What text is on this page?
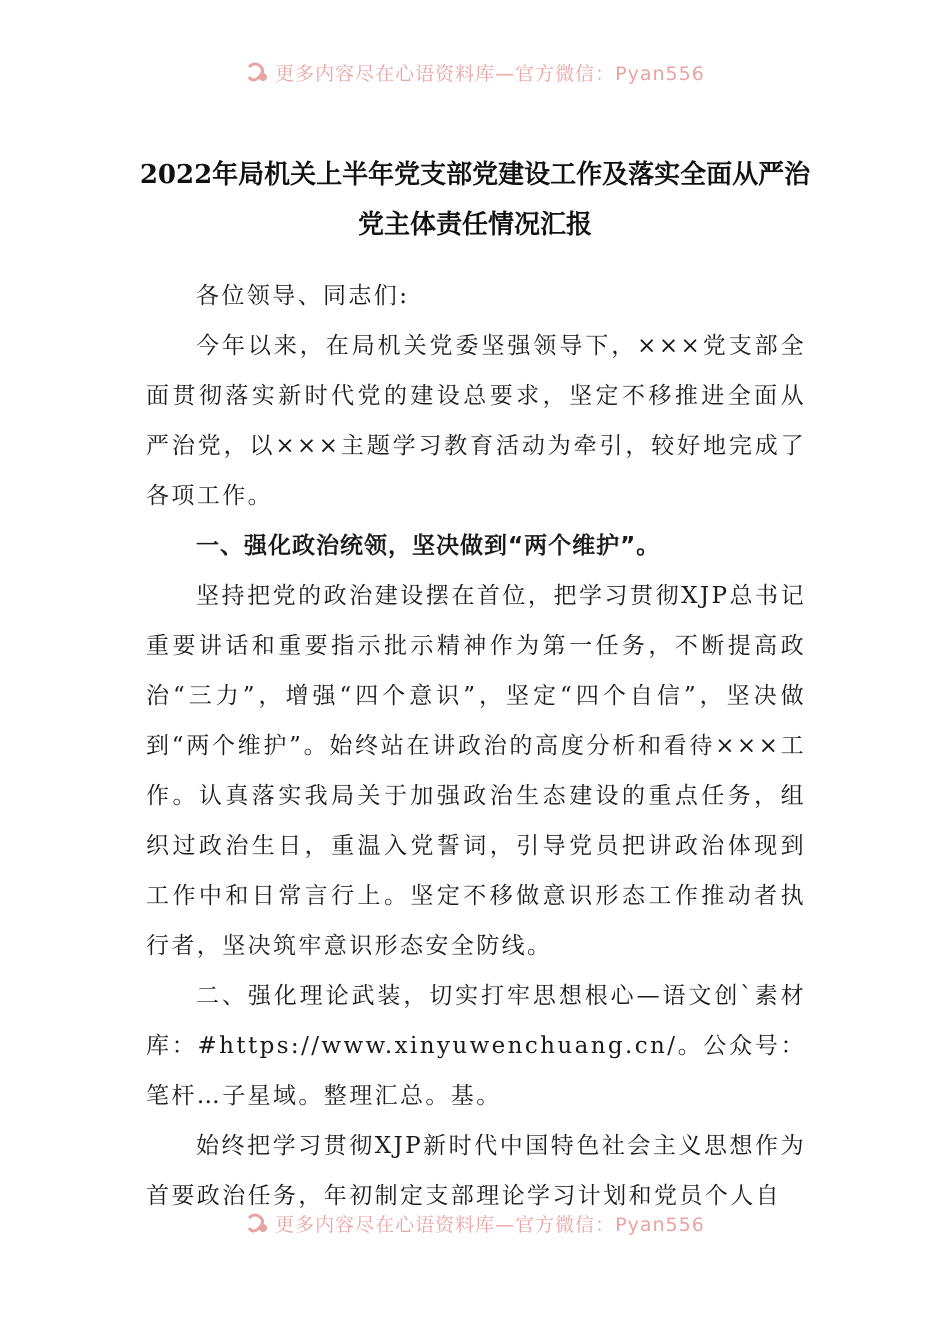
更多内容尽在心语资料库—官方微信：Pyan556
2022年局机关上半年党支部党建设工作及落实全面从严治
党主体责任情况汇报

各位领导、同志们:

今年以来，在局机关党委坚强领导下，×××党支部全面贯彻落实新时代党的建设总要求，坚定不移推进全面从严治党，以×××主题学习教育活动为牵引，较好地完成了各项工作。

一、强化政治统领，坚决做到“两个维护”。

坚持把党的政治建设摆在首位，把学习贯彻XJP总书记重要讲话和重要指示批示精神作为第一任务，不断提高政治“三力”，增强“四个意识”，坚定“四个自信”，坚决做到“两个维护”。始终站在讲政治的高度分析和看待×××工作。认真落实我局关于加强政治生态建设的重点任务，组织过政治生日，重温入党誓词，引导党员把讲政治体现到工作中和日常言行上。坚定不移做意识形态工作推动者执行者，坚决筑牢意识形态安全防线。

二、强化理论武装，切实打牢思想根心—语文创`素材库：#https://www.xinyuwenchuang.cn/。公众号：笔杆…子星域。整理汇总。基。

始终把学习贯彻XJP新时代中国特色社会主义思想作为首要政治任务，年初制定支部理论学习计划和党员个人自

更多内容尽在心语资料库—官方微信：Pyan556
